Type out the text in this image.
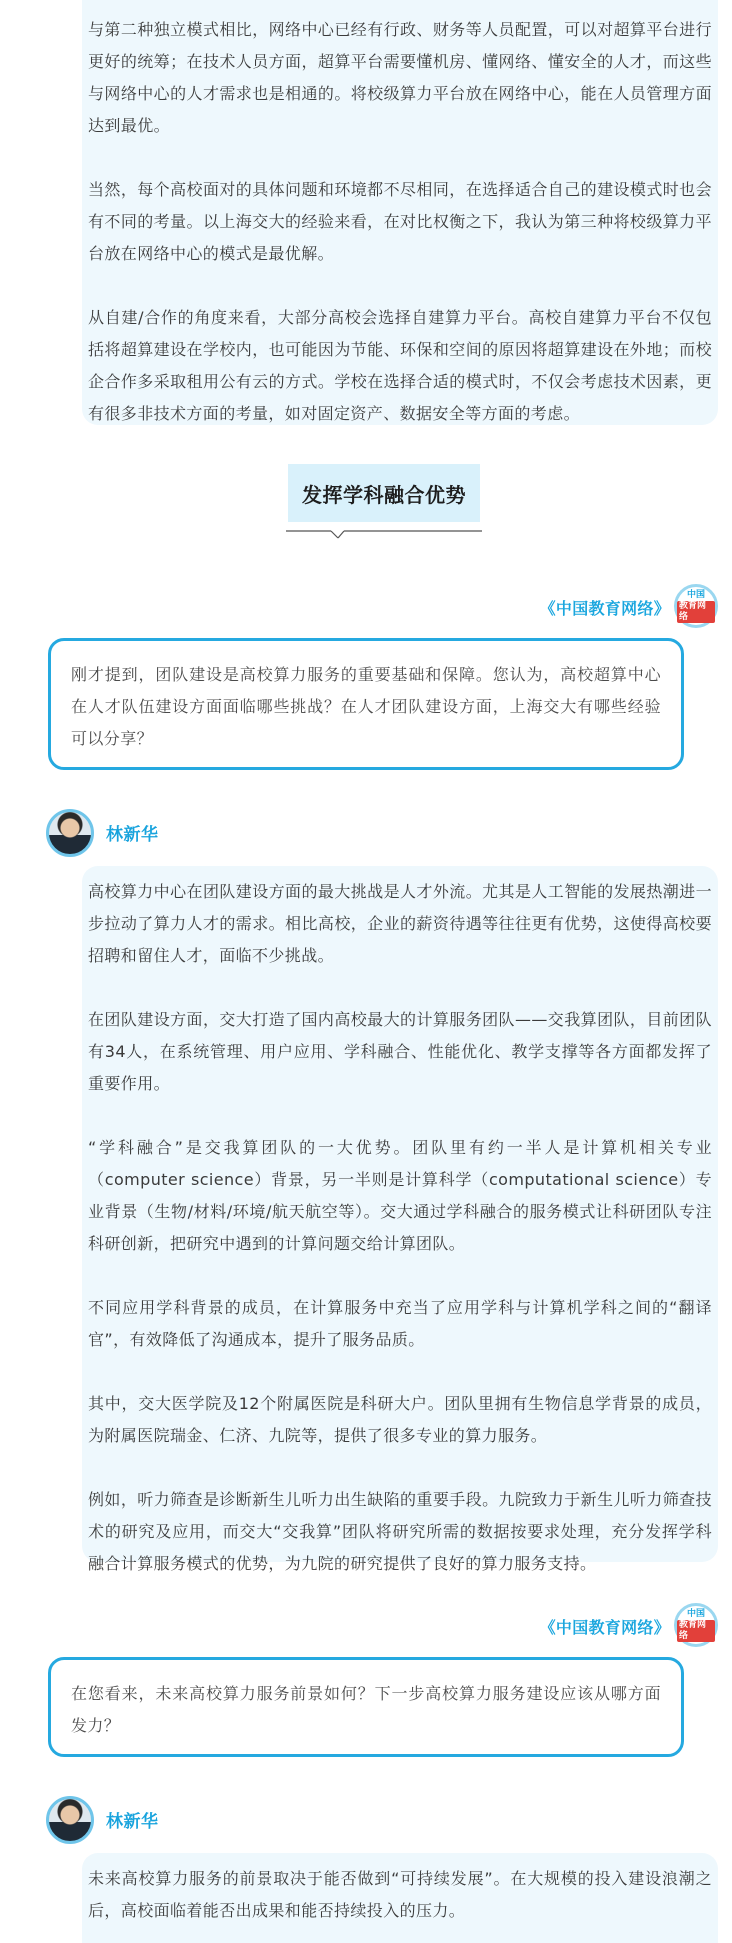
与第二种独立模式相比，网络中心已经有行政、财务等人员配置，可以对超算平台进行更好的统筹；在技术人员方面，超算平台需要懂机房、懂网络、懂安全的人才，而这些与网络中心的人才需求也是相通的。将校级算力平台放在网络中心，能在人员管理方面达到最优。

当然，每个高校面对的具体问题和环境都不尽相同，在选择适合自己的建设模式时也会有不同的考量。以上海交大的经验来看，在对比权衡之下，我认为第三种将校级算力平台放在网络中心的模式是最优解。

从自建/合作的角度来看，大部分高校会选择自建算力平台。高校自建算力平台不仅包括将超算建设在学校内，也可能因为节能、环保和空间的原因将超算建设在外地；而校企合作多采取租用公有云的方式。学校在选择合适的模式时，不仅会考虑技术因素，更有很多非技术方面的考量，如对固定资产、数据安全等方面的考虑。

发挥学科融合优势
《中国教育网络》
中国
教育网络

刚才提到，团队建设是高校算力服务的重要基础和保障。您认为，高校超算中心在人才队伍建设方面面临哪些挑战？在人才团队建设方面，上海交大有哪些经验可以分享？

林新华

高校算力中心在团队建设方面的最大挑战是人才外流。尤其是人工智能的发展热潮进一步拉动了算力人才的需求。相比高校，企业的薪资待遇等往往更有优势，这使得高校要招聘和留住人才，面临不少挑战。

在团队建设方面，交大打造了国内高校最大的计算服务团队——交我算团队，目前团队有34人，在系统管理、用户应用、学科融合、性能优化、教学支撑等各方面都发挥了重要作用。

“学科融合”是交我算团队的一大优势。团队里有约一半人是计算机相关专业（computer science）背景，另一半则是计算科学（computational science）专业背景（生物/材料/环境/航天航空等）。交大通过学科融合的服务模式让科研团队专注科研创新，把研究中遇到的计算问题交给计算团队。

不同应用学科背景的成员，在计算服务中充当了应用学科与计算机学科之间的“翻译官”，有效降低了沟通成本，提升了服务品质。

其中，交大医学院及12个附属医院是科研大户。团队里拥有生物信息学背景的成员，为附属医院瑞金、仁济、九院等，提供了很多专业的算力服务。

例如，听力筛查是诊断新生儿听力出生缺陷的重要手段。九院致力于新生儿听力筛查技术的研究及应用，而交大“交我算”团队将研究所需的数据按要求处理，充分发挥学科融合计算服务模式的优势，为九院的研究提供了良好的算力服务支持。

《中国教育网络》
中国
教育网络

在您看来，未来高校算力服务前景如何？下一步高校算力服务建设应该从哪方面发力？

林新华

未来高校算力服务的前景取决于能否做到“可持续发展”。在大规模的投入建设浪潮之后，高校面临着能否出成果和能否持续投入的压力。
